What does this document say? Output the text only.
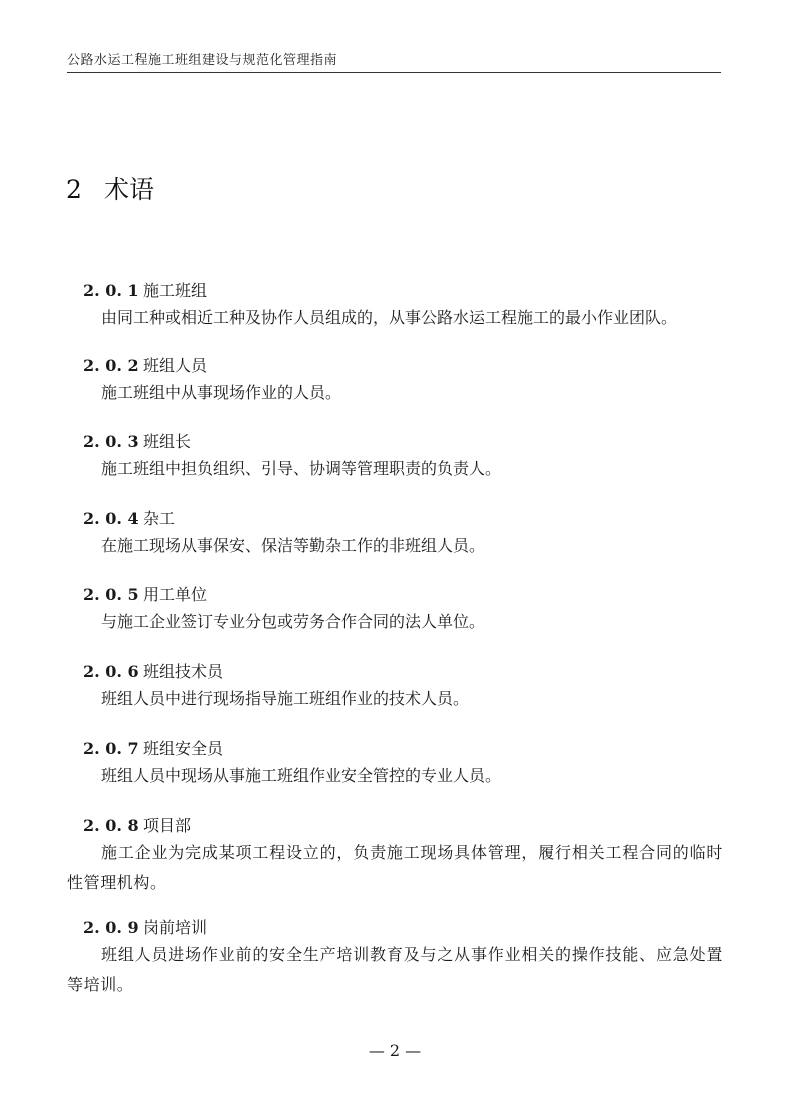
公路水运工程施工班组建设与规范化管理指南
2 术语
2. 0. 1 施工班组
由同工种或相近工种及协作人员组成的，从事公路水运工程施工的最小作业团队。
2. 0. 2 班组人员
施工班组中从事现场作业的人员。
2. 0. 3 班组长
施工班组中担负组织、引导、协调等管理职责的负责人。
2. 0. 4 杂工
在施工现场从事保安、保洁等勤杂工作的非班组人员。
2. 0. 5 用工单位
与施工企业签订专业分包或劳务合作合同的法人单位。
2. 0. 6 班组技术员
班组人员中进行现场指导施工班组作业的技术人员。
2. 0. 7 班组安全员
班组人员中现场从事施工班组作业安全管控的专业人员。
2. 0. 8 项目部
施工企业为完成某项工程设立的，负责施工现场具体管理，履行相关工程合同的临时性管理机构。
2. 0. 9 岗前培训
班组人员进场作业前的安全生产培训教育及与之从事作业相关的操作技能、应急处置等培训。
— 2 —
